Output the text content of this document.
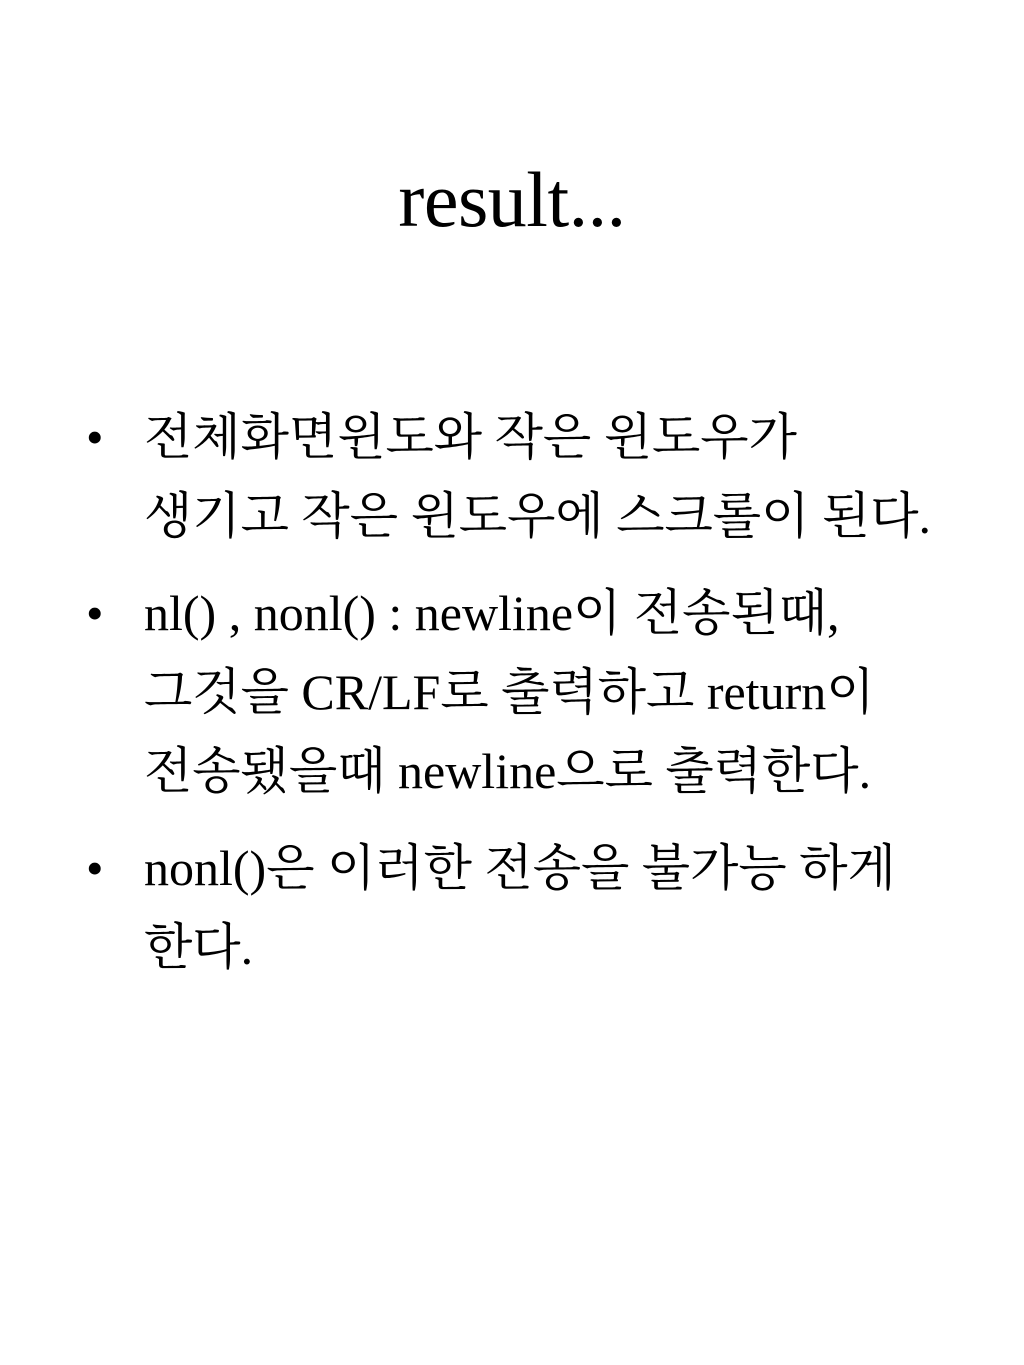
result...
• 전체화면윈도와 작은 윈도우가 생기고 작은 윈도우에 스크롤이 된다.
• nl() , nonl() : newline이 전송된때, 그것을 CR/LF로 출력하고 return이 전송됐을때 newline으로 출력한다.
• nonl()은 이러한 전송을 불가능 하게 한다.
